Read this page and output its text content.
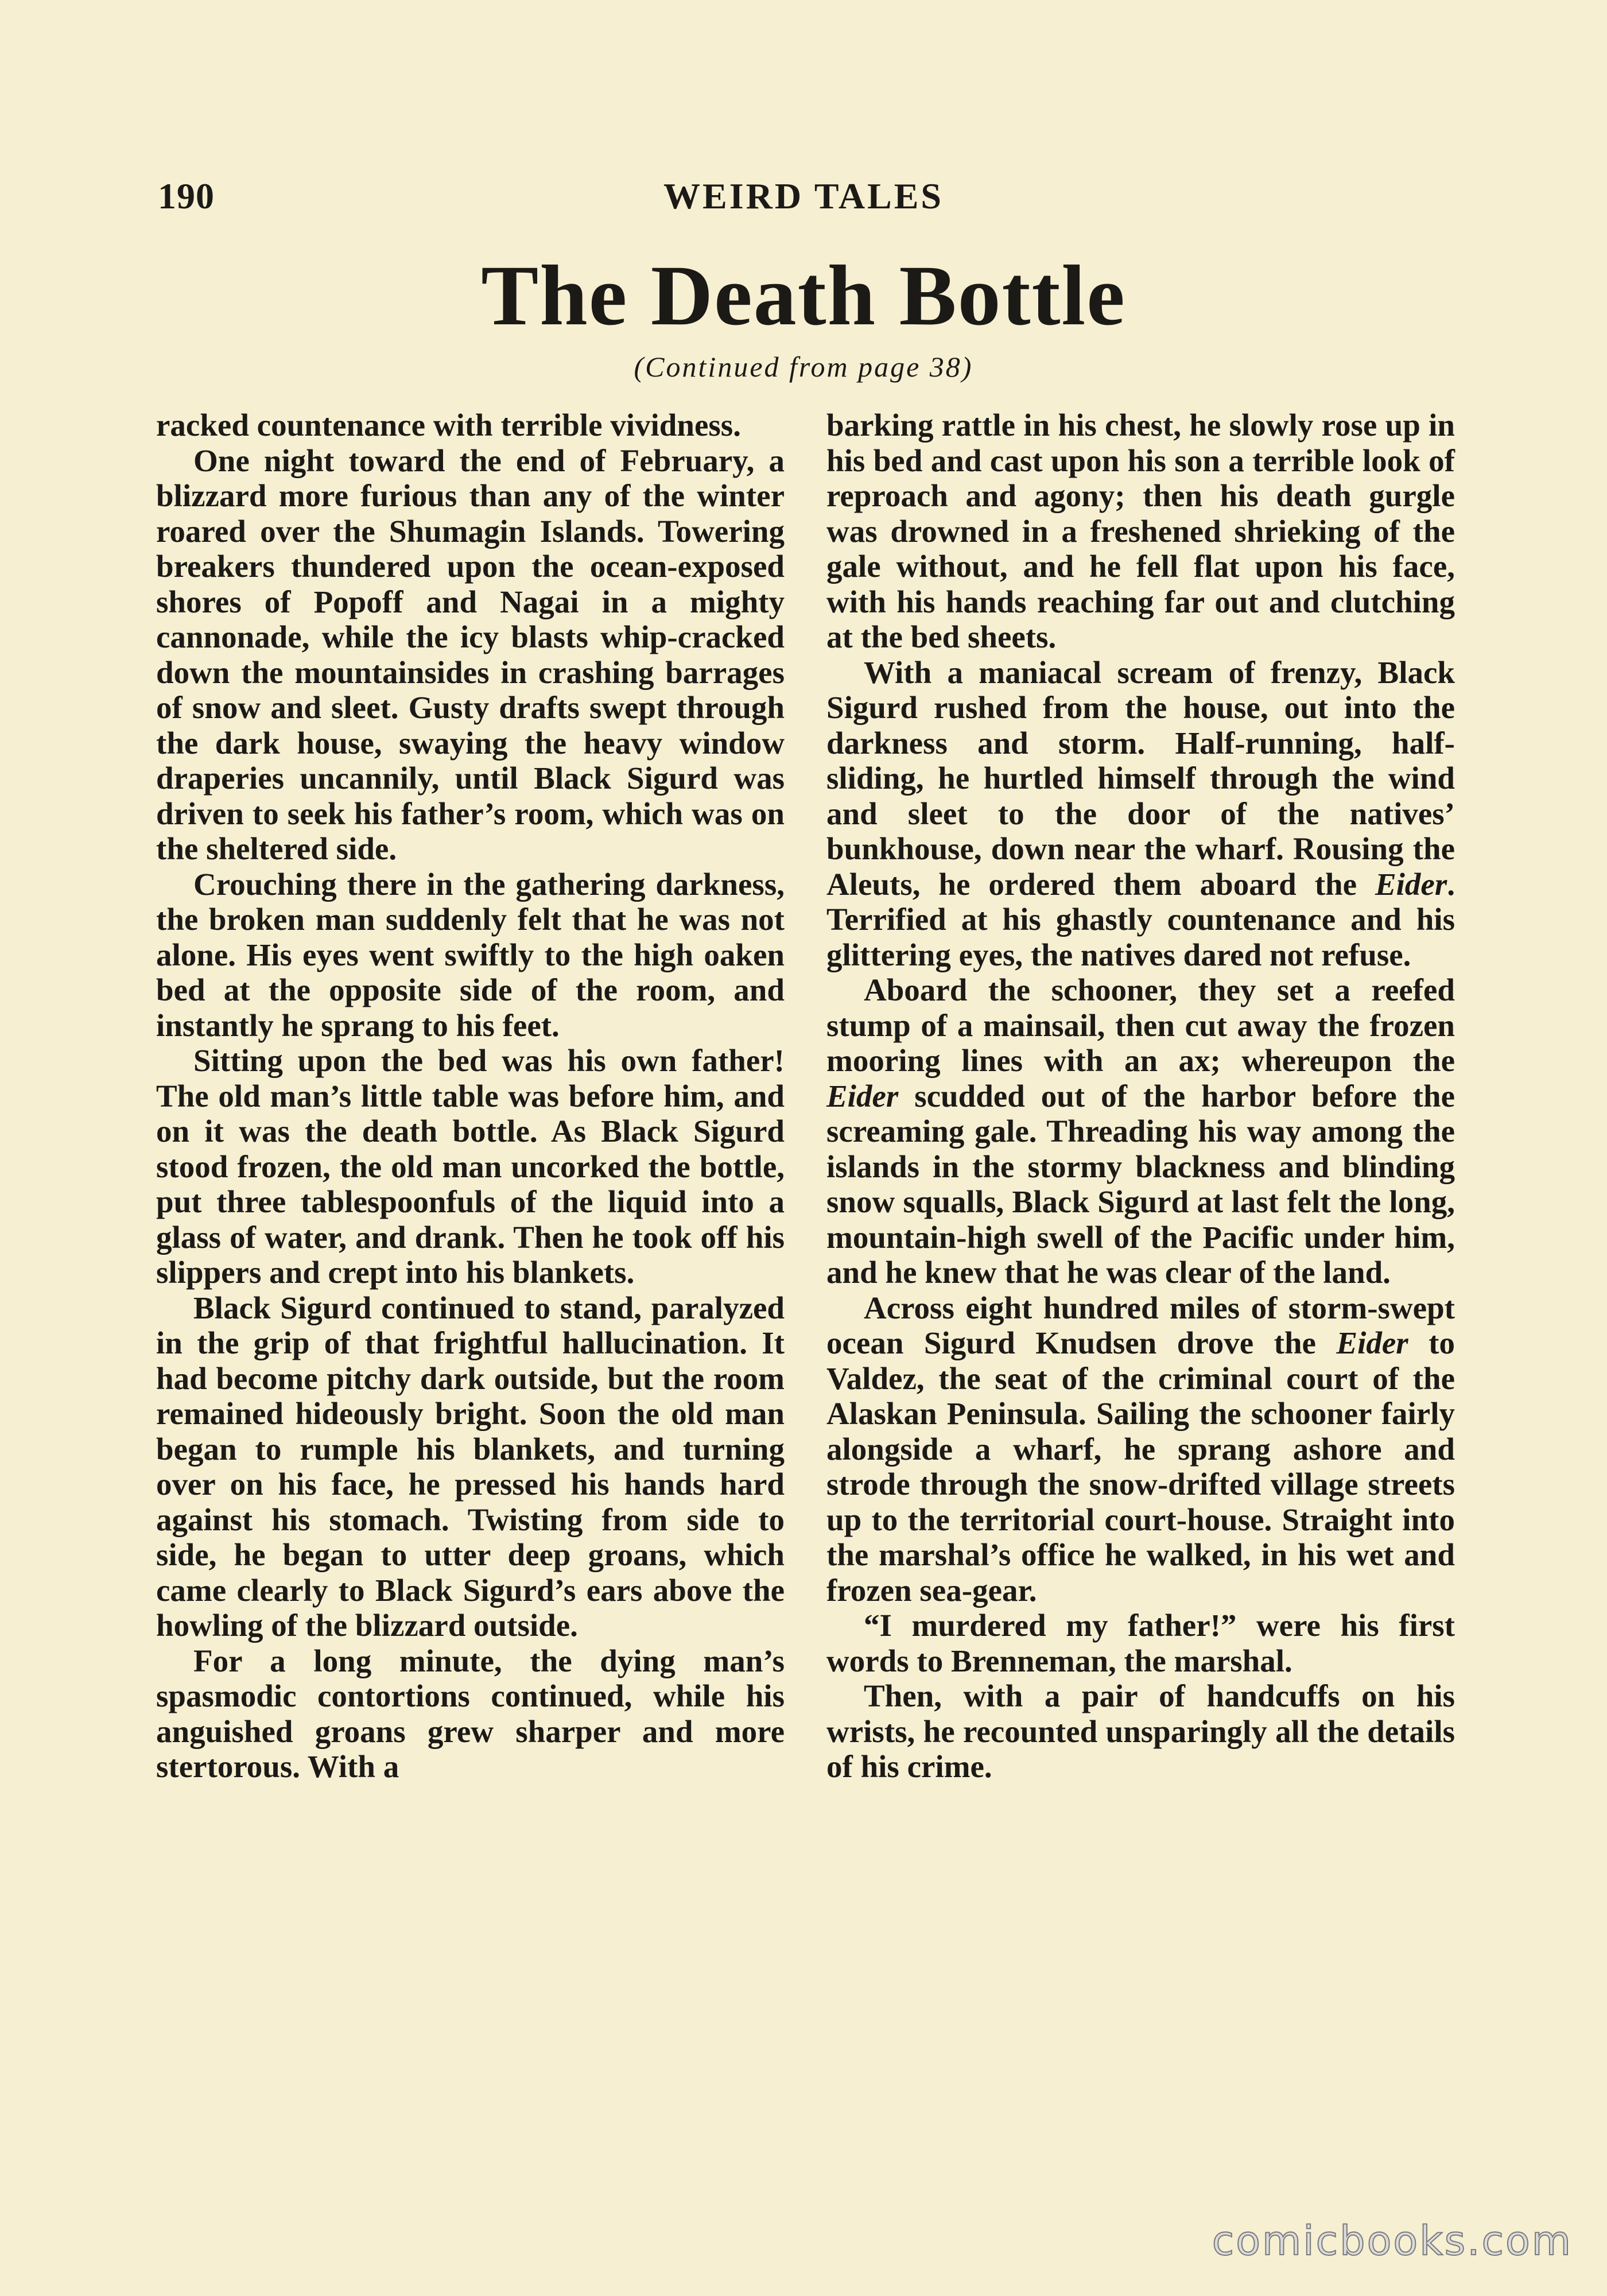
190	WEIRD TALES
The Death Bottle
(Continued from page 38)

racked countenance with terrible vividness.

One night toward the end of February, a blizzard more furious than any of the winter roared over the Shumagin Islands. Towering breakers thundered upon the ocean-exposed shores of Popoff and Nagai in a mighty cannonade, while the icy blasts whip-cracked down the mountainsides in crashing barrages of snow and sleet. Gusty drafts swept through the dark house, swaying the heavy window draperies uncannily, until Black Sigurd was driven to seek his father’s room, which was on the sheltered side.

Crouching there in the gathering darkness, the broken man suddenly felt that he was not alone. His eyes went swiftly to the high oaken bed at the opposite side of the room, and instantly he sprang to his feet.

Sitting upon the bed was his own father! The old man’s little table was before him, and on it was the death bottle. As Black Sigurd stood frozen, the old man uncorked the bottle, put three tablespoonfuls of the liquid into a glass of water, and drank. Then he took off his slippers and crept into his blankets.

Black Sigurd continued to stand, paralyzed in the grip of that frightful hallucination. It had become pitchy dark outside, but the room remained hideously bright. Soon the old man began to rumple his blankets, and turning over on his face, he pressed his hands hard against his stomach. Twisting from side to side, he began to utter deep groans, which came clearly to Black Sigurd’s ears above the howling of the blizzard outside.

For a long minute, the dying man’s spasmodic contortions continued, while his anguished groans grew sharper and more stertorous. With a

barking rattle in his chest, he slowly rose up in his bed and cast upon his son a terrible look of reproach and agony; then his death gurgle was drowned in a freshened shrieking of the gale without, and he fell flat upon his face, with his hands reaching far out and clutching at the bed sheets.

With a maniacal scream of frenzy, Black Sigurd rushed from the house, out into the darkness and storm. Half-running, half-sliding, he hurtled himself through the wind and sleet to the door of the natives’ bunkhouse, down near the wharf. Rousing the Aleuts, he ordered them aboard the Eider. Terrified at his ghastly countenance and his glittering eyes, the natives dared not refuse.

Aboard the schooner, they set a reefed stump of a mainsail, then cut away the frozen mooring lines with an ax; whereupon the Eider scudded out of the harbor before the screaming gale. Threading his way among the islands in the stormy blackness and blinding snow squalls, Black Sigurd at last felt the long, mountain-high swell of the Pacific under him, and he knew that he was clear of the land.

Across eight hundred miles of storm-swept ocean Sigurd Knudsen drove the Eider to Valdez, the seat of the criminal court of the Alaskan Peninsula. Sailing the schooner fairly alongside a wharf, he sprang ashore and strode through the snow-drifted village streets up to the territorial court-house. Straight into the marshal’s office he walked, in his wet and frozen sea-gear.

“I murdered my father!” were his first words to Brenneman, the marshal.

Then, with a pair of handcuffs on his wrists, he recounted unsparingly all the details of his crime.

comicbooks.com
